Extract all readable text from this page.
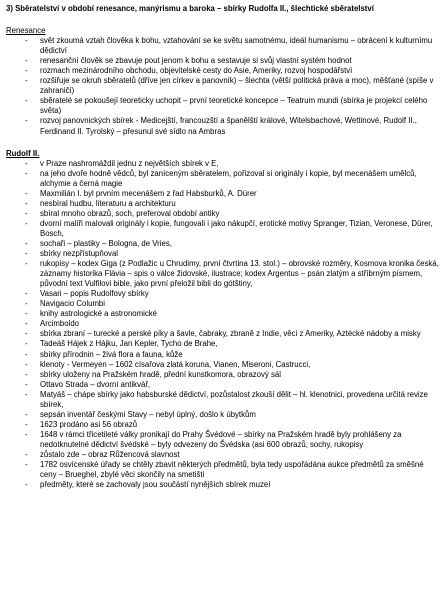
3) Sběratelství v období renesance, manýrismu a baroka – sbírky Rudolfa II., šlechtické sběratelství

Renesance

- svět zkoumá vztah člověka k bohu, vztahování se ke světu samotnému, ideál humanismu – obrácení k kulturnímu dědictví
- renesanční člověk se zbavuje pout jenom k bohu a sestavuje si svůj vlastní systém hodnot
- rozmach mezinárodního obchodu, objevitelské cesty do Asie, Ameriky, rozvoj hospodářství
- rozšiřuje se okruh sběratelů (dříve jen církev a panovník) – šlechta (větší politická práva a moc), měšťané (spíše v zahraničí)
- sběratelé se pokoušejí teoreticky uchopit – první teoretické koncepce – Teatrum mundi (sbírka je projekcí celého světa)
- rozvoj panovnických sbírek - Medicejští, francouzští a španělští králové, Witelsbachové, Wettinové, Rudolf II., Ferdinand II. Tyrolský – přesunul své sídlo na Ambras

Rudolf II.

- v Praze nashromáždil jednu z největších sbírek v E,
- na jeho dvoře hodně vědců, byl zaníceným sběratelem, pořizoval si originály i kopie, byl mecenášem umělců, alchymie a černá magie
- Maxmilián I. byl prvním mecenášem z řad Habsburků, A. Dürer
- nesbíral hudbu, literaturu a architekturu
- sbíral mnoho obrazů, soch, preferoval období antiky
- dvorní malíři malovali originály i kopie, fungovali i jako nákupčí, erotické motivy Spranger, Tizian, Veronese, Dürer, Bosch,
- sochaři – plastiky – Bologna, de Vries,
- sbírky nezpřístupňoval
- rukopisy – kodex Giga (z Podlažic u Chrudimy, první čtvrtina 13. stol.) – obrovské rozměry, Kosmova kronika česká, záznamy historika Flávia – spis o válce židovské, ilustrace; kodex Argentus – psán zlatým a stříbrným písmem, původní text Vulfilovi bible, jako první přeložil bibli do gótštiny,
- Vasari – popis Rudolfovy sbírky
- Navigacio Columbi
- knihy astrologické a astronomické
- Arcimboldo
- sbírka zbraní – turecké a perské píky a šavle, čabraky, zbraně z Indie, věci z Ameriky, Aztécké nádoby a misky
- Tadeáš Hájek z Hájku, Jan Kepler, Tycho de Brahe,
- sbírky přírodnin – živá flora a fauna, kůže
- klenoty - Vermeyen – 1602 císařova zlatá koruna, Vianen, Miseroni, Castrucci,
- sbírky uloženy na Pražském hradě, přední kunstkomora, obrazový sál
- Ottavo Strada – dvorní antikvář,
- Matyáš – chápe sbírky jako habsburské dědictví, pozůstalost zkouší dělit – hl. klenotnici, provedena určitá revize sbírek,
- sepsán inventář českými Stavy – nebyl úplný, došlo k úbytkům
- 1623 prodáno asi 56 obrazů
- 1648 v rámci třicetileté války pronikají do Prahy Švédové – sbírky na Pražském hradě byly prohlášeny za nedotknutelné dědictví švédské – byly odvezeny do Švédska (asi 600 obrazů, sochy, rukopisy
- zůstalo zde – obraz Růžencová slavnost
- 1782 osvícenské úřady se chtěly zbavit některých předmětů, byla tedy uspořádána aukce předmětů za směšné ceny – Brueghel, zbylé věci skončily na smetišti
- předměty, které se zachovaly jsou součástí nynějších sbírek muzeí
